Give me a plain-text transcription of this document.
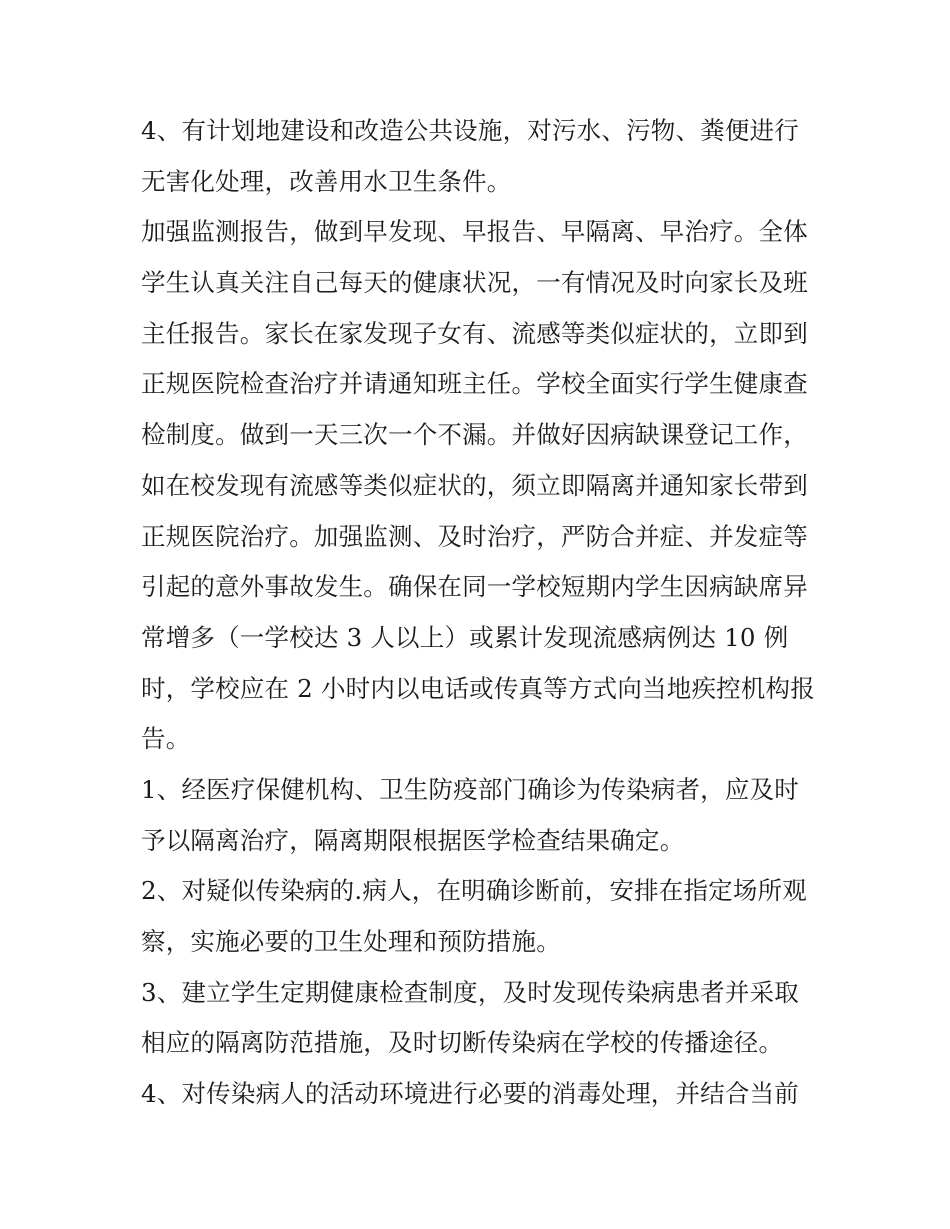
4、有计划地建设和改造公共设施，对污水、污物、粪便进行
无害化处理，改善用水卫生条件。
加强监测报告，做到早发现、早报告、早隔离、早治疗。全体
学生认真关注自己每天的健康状况，一有情况及时向家长及班
主任报告。家长在家发现子女有、流感等类似症状的，立即到
正规医院检查治疗并请通知班主任。学校全面实行学生健康查
检制度。做到一天三次一个不漏。并做好因病缺课登记工作，
如在校发现有流感等类似症状的，须立即隔离并通知家长带到
正规医院治疗。加强监测、及时治疗，严防合并症、并发症等
引起的意外事故发生。确保在同一学校短期内学生因病缺席异
常增多（一学校达 3 人以上）或累计发现流感病例达 10 例
时，学校应在 2 小时内以电话或传真等方式向当地疾控机构报
告。
1、经医疗保健机构、卫生防疫部门确诊为传染病者，应及时
予以隔离治疗，隔离期限根据医学检查结果确定。
2、对疑似传染病的.病人，在明确诊断前，安排在指定场所观
察，实施必要的卫生处理和预防措施。
3、建立学生定期健康检查制度，及时发现传染病患者并采取
相应的隔离防范措施，及时切断传染病在学校的传播途径。
4、对传染病人的活动环境进行必要的消毒处理，并结合当前
